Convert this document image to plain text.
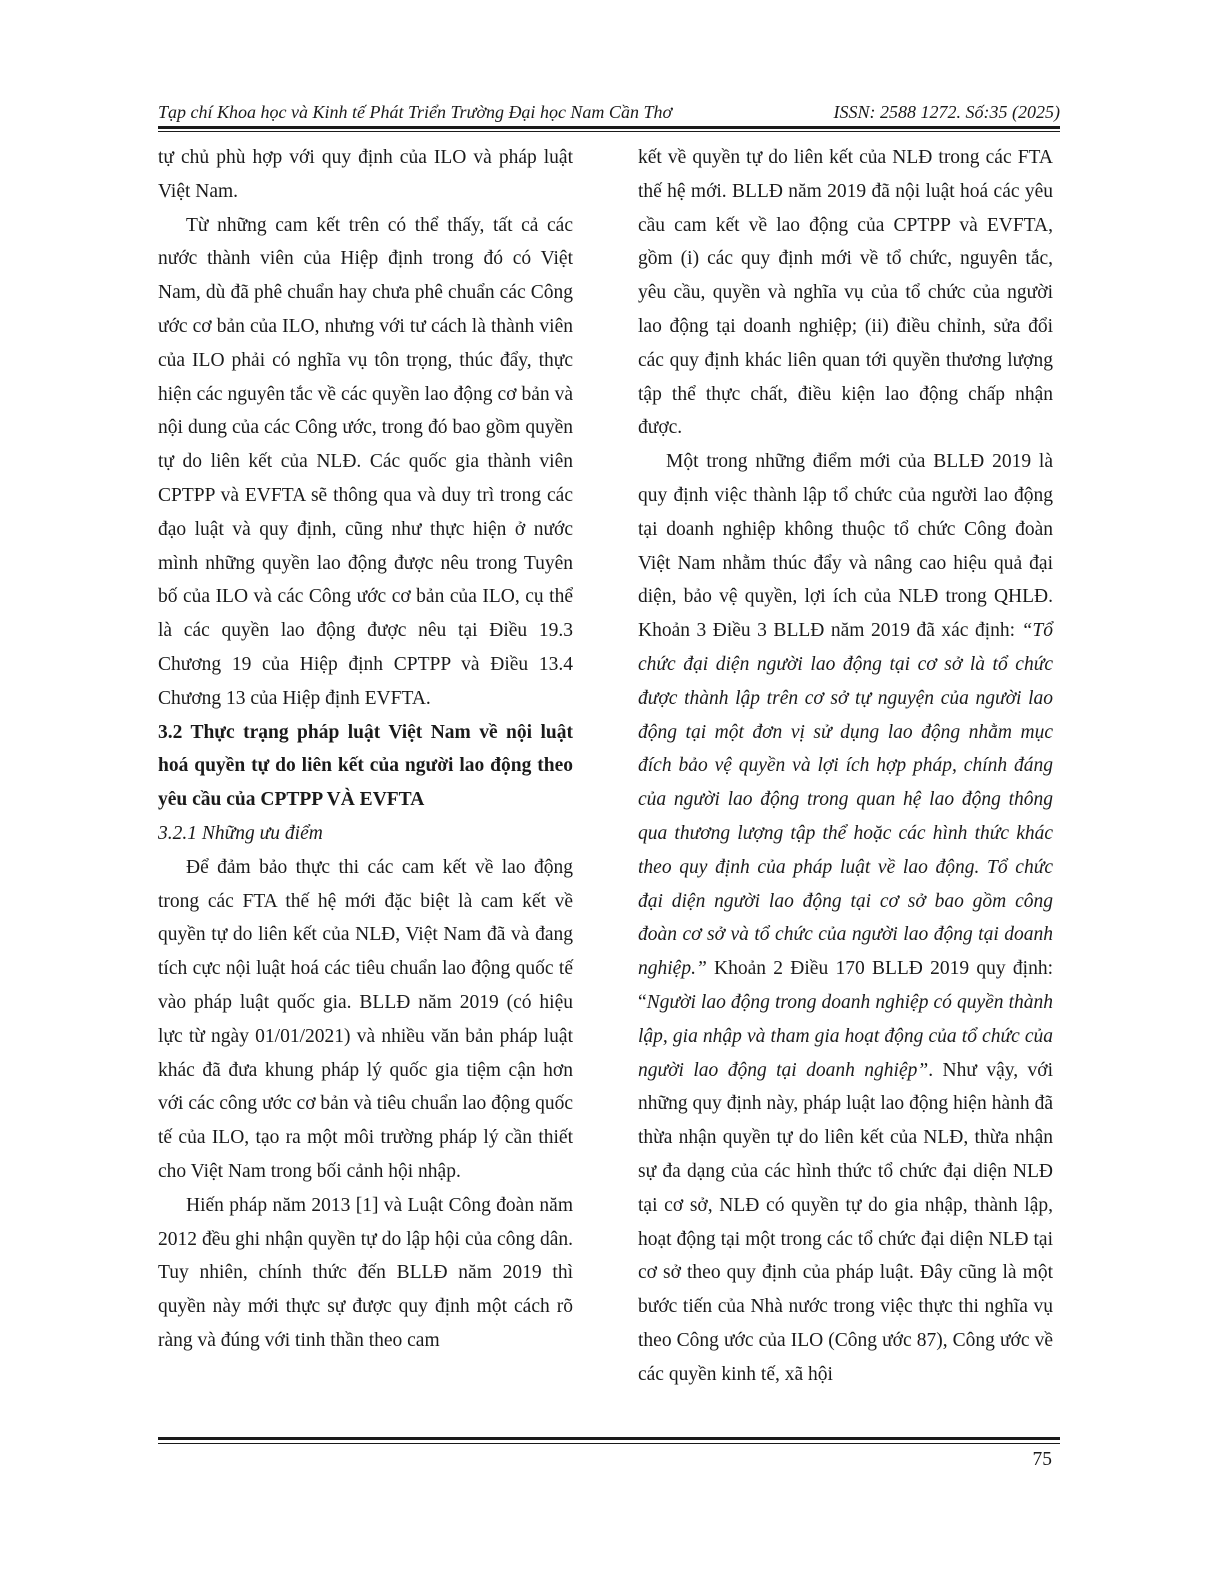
Tạp chí Khoa học và Kinh tế Phát Triển Trường Đại học Nam Cần Thơ	ISSN: 2588 1272. Số:35 (2025)

tự chủ phù hợp với quy định của ILO và pháp luật Việt Nam.

Từ những cam kết trên có thể thấy, tất cả các nước thành viên của Hiệp định trong đó có Việt Nam, dù đã phê chuẩn hay chưa phê chuẩn các Công ước cơ bản của ILO, nhưng với tư cách là thành viên của ILO phải có nghĩa vụ tôn trọng, thúc đẩy, thực hiện các nguyên tắc về các quyền lao động cơ bản và nội dung của các Công ước, trong đó bao gồm quyền tự do liên kết của NLĐ. Các quốc gia thành viên CPTPP và EVFTA sẽ thông qua và duy trì trong các đạo luật và quy định, cũng như thực hiện ở nước mình những quyền lao động được nêu trong Tuyên bố của ILO và các Công ước cơ bản của ILO, cụ thể là các quyền lao động được nêu tại Điều 19.3 Chương 19 của Hiệp định CPTPP và Điều 13.4 Chương 13 của Hiệp định EVFTA.

3.2 Thực trạng pháp luật Việt Nam về nội luật hoá quyền tự do liên kết của người lao động theo yêu cầu của CPTPP VÀ EVFTA
3.2.1 Những ưu điểm

Để đảm bảo thực thi các cam kết về lao động trong các FTA thế hệ mới đặc biệt là cam kết về quyền tự do liên kết của NLĐ, Việt Nam đã và đang tích cực nội luật hoá các tiêu chuẩn lao động quốc tế vào pháp luật quốc gia. BLLĐ năm 2019 (có hiệu lực từ ngày 01/01/2021) và nhiều văn bản pháp luật khác đã đưa khung pháp lý quốc gia tiệm cận hơn với các công ước cơ bản và tiêu chuẩn lao động quốc tế của ILO, tạo ra một môi trường pháp lý cần thiết cho Việt Nam trong bối cảnh hội nhập.

Hiến pháp năm 2013 [1] và Luật Công đoàn năm 2012 đều ghi nhận quyền tự do lập hội của công dân. Tuy nhiên, chính thức đến BLLĐ năm 2019 thì quyền này mới thực sự được quy định một cách rõ ràng và đúng với tinh thần theo cam

kết về quyền tự do liên kết của NLĐ trong các FTA thế hệ mới. BLLĐ năm 2019 đã nội luật hoá các yêu cầu cam kết về lao động của CPTPP và EVFTA, gồm (i) các quy định mới về tổ chức, nguyên tắc, yêu cầu, quyền và nghĩa vụ của tổ chức của người lao động tại doanh nghiệp; (ii) điều chỉnh, sửa đổi các quy định khác liên quan tới quyền thương lượng tập thể thực chất, điều kiện lao động chấp nhận được.

Một trong những điểm mới của BLLĐ 2019 là quy định việc thành lập tổ chức của người lao động tại doanh nghiệp không thuộc tổ chức Công đoàn Việt Nam nhằm thúc đẩy và nâng cao hiệu quả đại diện, bảo vệ quyền, lợi ích của NLĐ trong QHLĐ. Khoản 3 Điều 3 BLLĐ năm 2019 đã xác định: “Tổ chức đại diện người lao động tại cơ sở là tổ chức được thành lập trên cơ sở tự nguyện của người lao động tại một đơn vị sử dụng lao động nhằm mục đích bảo vệ quyền và lợi ích hợp pháp, chính đáng của người lao động trong quan hệ lao động thông qua thương lượng tập thể hoặc các hình thức khác theo quy định của pháp luật về lao động. Tổ chức đại diện người lao động tại cơ sở bao gồm công đoàn cơ sở và tổ chức của người lao động tại doanh nghiệp.” Khoản 2 Điều 170 BLLĐ 2019 quy định: “Người lao động trong doanh nghiệp có quyền thành lập, gia nhập và tham gia hoạt động của tổ chức của người lao động tại doanh nghiệp”. Như vậy, với những quy định này, pháp luật lao động hiện hành đã thừa nhận quyền tự do liên kết của NLĐ, thừa nhận sự đa dạng của các hình thức tổ chức đại diện NLĐ tại cơ sở, NLĐ có quyền tự do gia nhập, thành lập, hoạt động tại một trong các tổ chức đại diện NLĐ tại cơ sở theo quy định của pháp luật. Đây cũng là một bước tiến của Nhà nước trong việc thực thi nghĩa vụ theo Công ước của ILO (Công ước 87), Công ước về các quyền kinh tế, xã hội

75
